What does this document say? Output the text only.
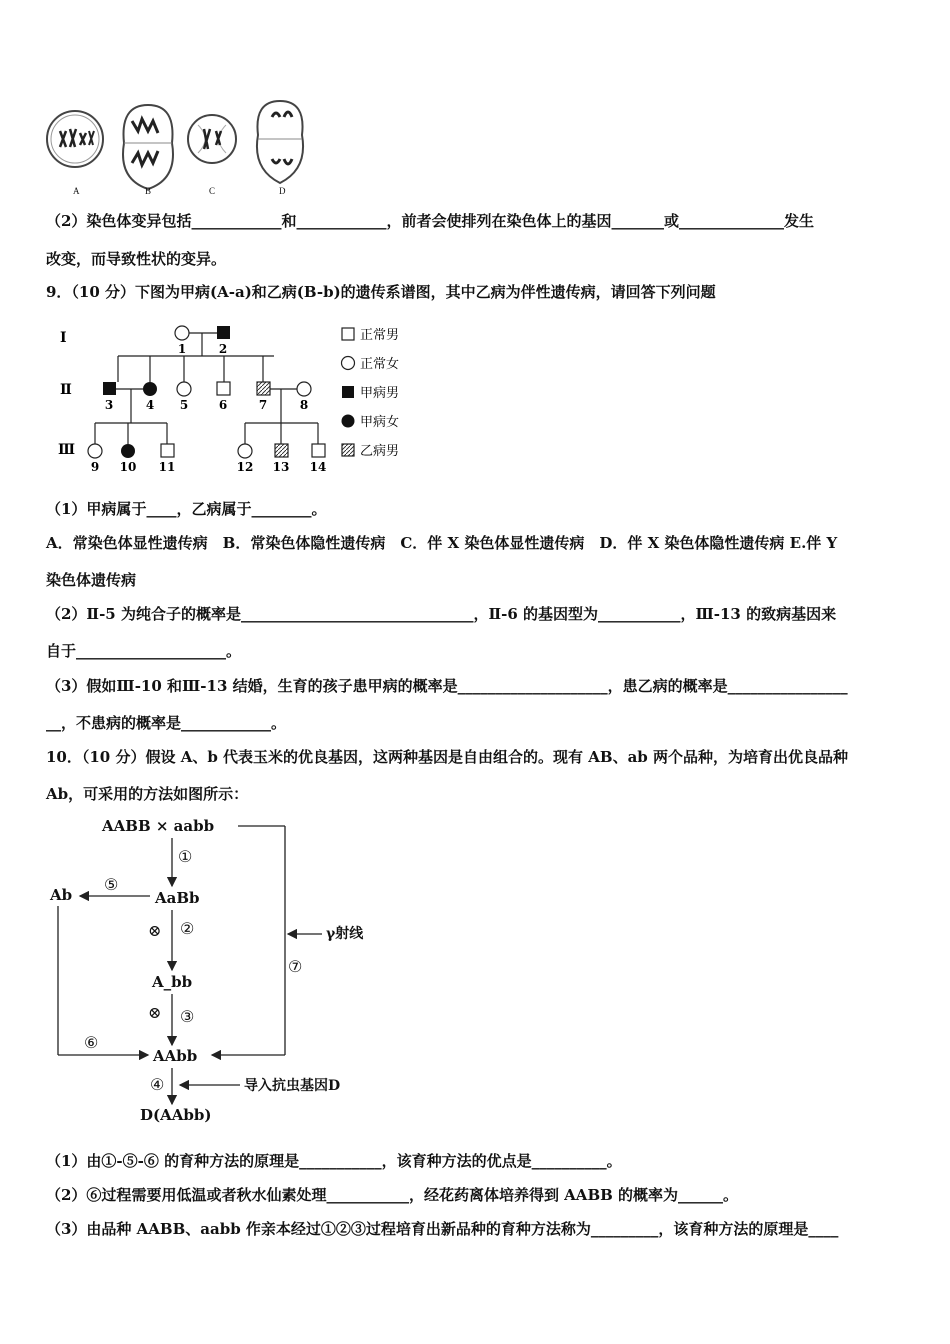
A	B	C	D
（2）染色体变异包括____________和____________，前者会使排列在染色体上的基因_______或______________发生
改变，而导致性状的变异。
9．（10 分）下图为甲病(A-a)和乙病(B-b)的遗传系谱图，其中乙病为伴性遗传病，请回答下列问题
Ⅰ
Ⅱ
Ⅲ
1	2
3	4 5	6	7	8
9 10 11	12 13 14
正常男
正常女
甲病男
甲病女
乙病男
（1）甲病属于____，乙病属于________。
A．常染色体显性遗传病　B．常染色体隐性遗传病　C．伴 X 染色体显性遗传病　D．伴 X 染色体隐性遗传病 E.伴 Y
染色体遗传病
（2）Ⅱ-5 为纯合子的概率是_______________________________，Ⅱ-6 的基因型为___________，Ⅲ-13 的致病基因来
自于____________________。
（3）假如Ⅲ-10 和Ⅲ-13 结婚，生育的孩子患甲病的概率是____________________，患乙病的概率是________________
__，不患病的概率是____________。
10．（10 分）假设 A、b 代表玉米的优良基因，这两种基因是自由组合的。现有 AB、ab 两个品种，为培育出优良品种
Ab，可采用的方法如图所示：
AABB × aabb
AaBb
A_bb
AAbb
D(AAbb)
Ab
①
②
③
④
⑤
⑥
⑦
⊗
⊗
γ射线
导入抗虫基因D
（1）由①-⑤-⑥ 的育种方法的原理是___________，该育种方法的优点是__________。
（2）⑥过程需要用低温或者秋水仙素处理___________，经花药离体培养得到 AABB 的概率为______。
（3）由品种 AABB、aabb 作亲本经过①②③过程培育出新品种的育种方法称为_________，该育种方法的原理是____
